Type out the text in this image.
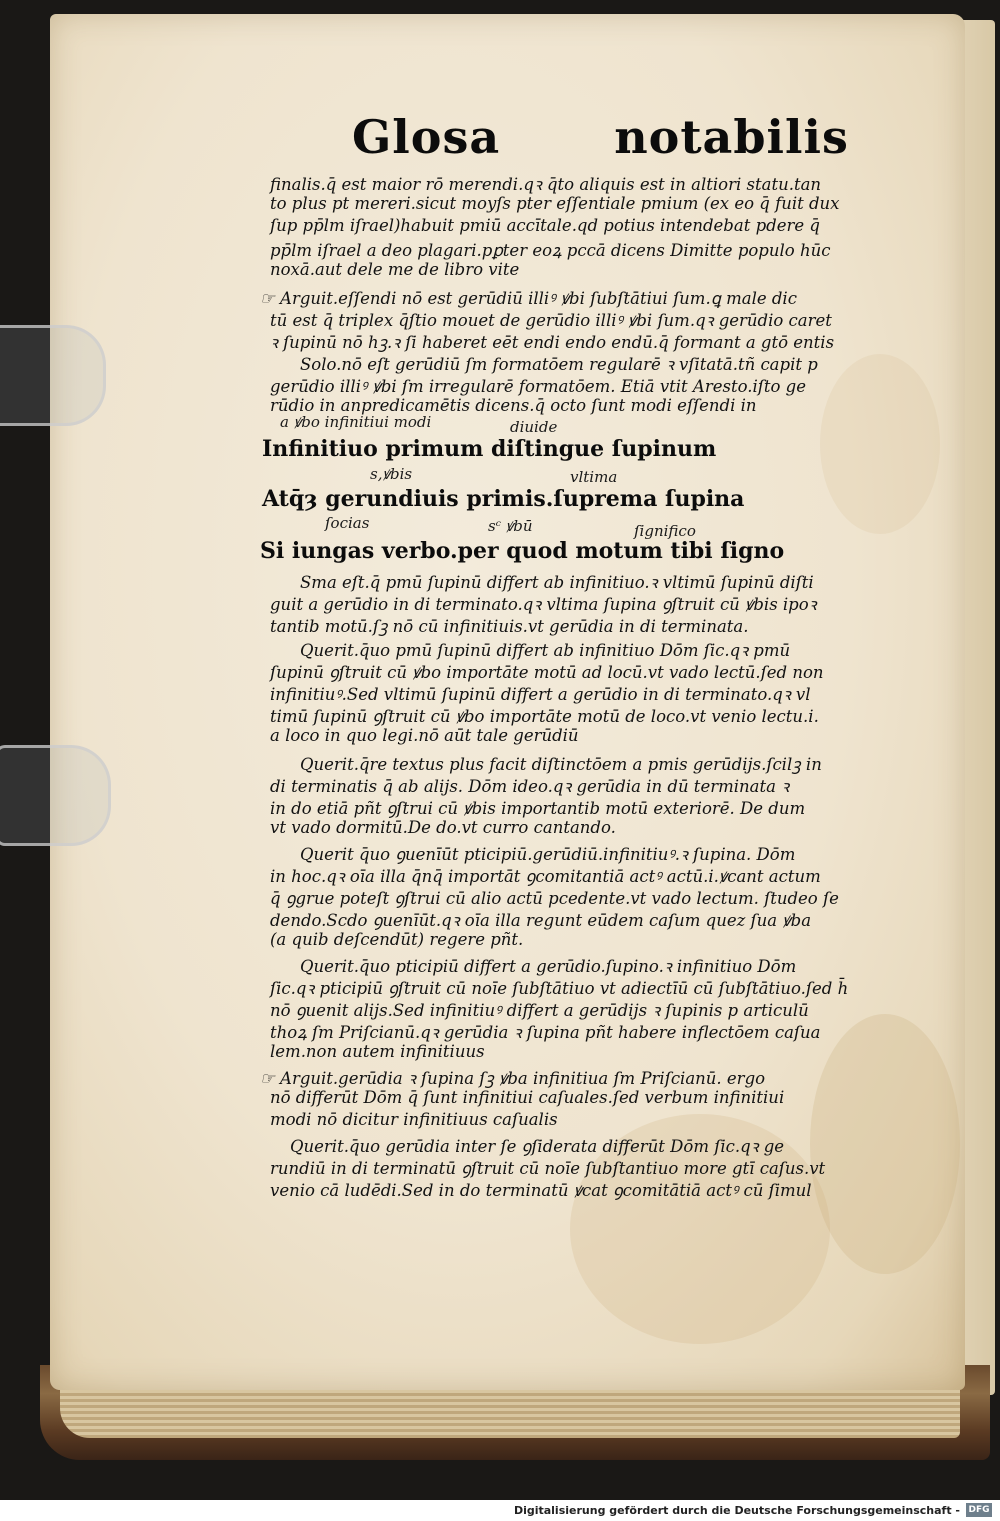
Glosa notabilis
finalis.q̄ est maior rō merendi.qꝛ q̄to aliquis est in altiori statu.tan
to plus pt mereri.sicut moyſs pter eſſentiale pmium (ex eo q̄ fuit dux
ſup pp̄lm iſrael)habuit pmiū accītale.qd potius intendebat pdere q̄
pp̄lm iſrael a deo plagari.pꝑter eoꝝ pccā dicens Dimitte populo hūc
noxā.aut dele me de libro vite
☞ Arguit.eſſendi nō est gerūdiū illiꝰ ꝟbi ſubſtātiui ſum.ꝗ male dic
tū est q̄ triplex q̄ſtio mouet de gerūdio illiꝰ ꝟbi ſum.qꝛ gerūdio caret
ꝛ ſupinū nō hꝫ.ꝛ ſi haberet eēt endi endo endū.q̄ formant a gtō entis
Solo.nō eſt gerūdiū ſm formatōem regularē ꝛ vſitatā.tñ capit p
gerūdio illiꝰ ꝟbi ſm irregularē formatōem. Etiā vtit Aresto.iſto ge
rūdio in anpredicamētis dicens.q̄ octo ſunt modi eſſendi in
a ꝟbo infinitiui modi	diuide
Infinitiuo primum diſtingue ſupinum
s,ꝟbis	vltima
Atq̄ȝ gerundiuis primis.ſuprema ſupina
ſocias	sᶜ ꝟbū	ſignifico
Si iungas verbo.per quod motum tibi ſigno
Sma eſt.q̄ pmū ſupinū differt ab infinitiuo.ꝛ vltimū ſupinū diſti
guit a gerūdio in di terminato.qꝛ vltima ſupina ꝯſtruit cū ꝟbis ipoꝛ
tantib motū.ſꝫ nō cū infinitiuis.vt gerūdia in di terminata.
Querit.q̄uo pmū ſupinū differt ab infinitiuo Dōm ſic.qꝛ pmū
ſupinū ꝯſtruit cū ꝟbo importāte motū ad locū.vt vado lectū.ſed non
infinitiuꝰ.Sed vltimū ſupinū differt a gerūdio in di terminato.qꝛ vl
timū ſupinū ꝯſtruit cū ꝟbo importāte motū de loco.vt venio lectu.i.
a loco in quo legi.nō aūt tale gerūdiū
Querit.q̄re textus plus facit diſtinctōem a pmis gerūdijs.ſcilꝫ in
di terminatis q̄ ab alijs. Dōm ideo.qꝛ gerūdia in dū terminata ꝛ
in do etiā pñt ꝯſtrui cū ꝟbis importantib motū exteriorē. De dum
vt vado dormitū.De do.vt curro cantando.
Querit q̄uo ꝯuenīūt pticipiū.gerūdiū.infinitiuꝰ.ꝛ ſupina. Dōm
in hoc.qꝛ oīa illa q̄nq̄ importāt ꝯcomitantiā actꝰ actū.i.ꝟcant actum
q̄ ꝯgrue poteſt ꝯſtrui cū alio actū pcedente.vt vado lectum. ſtudeo ſe
dendo.Scdo ꝯuenīūt.qꝛ oīa illa regunt eūdem caſum quez ſua ꝟba
(a quib deſcendūt) regere pñt.
Querit.q̄uo pticipiū differt a gerūdio.ſupino.ꝛ infinitiuo Dōm
ſic.qꝛ pticipiū ꝯſtruit cū noīe ſubſtātiuo vt adiectīū cū ſubſtātiuo.ſed h̄
nō ꝯuenit alijs.Sed infinitiuꝰ differt a gerūdijs ꝛ ſupinis p articulū
thoꝝ ſm Priſcianū.qꝛ gerūdia ꝛ ſupina pñt habere inflectōem caſua
lem.non autem infinitiuus
☞ Arguit.gerūdia ꝛ ſupina ſꝫ ꝟba infinitiua ſm Priſcianū. ergo
nō differūt Dōm q̄ ſunt infinitiui caſuales.ſed verbum infinitiui
modi nō dicitur infinitiuus caſualis
Querit.q̄uo gerūdia inter ſe ꝯſiderata differūt Dōm ſic.qꝛ ge
rundiū in di terminatū ꝯſtruit cū noīe ſubſtantiuo more gtī caſus.vt
venio cā ludēdi.Sed in do terminatū ꝟcat ꝯcomitātiā actꝰ cū ſimul
Digitalisierung gefördert durch die Deutsche Forschungsgemeinschaft - DFG
